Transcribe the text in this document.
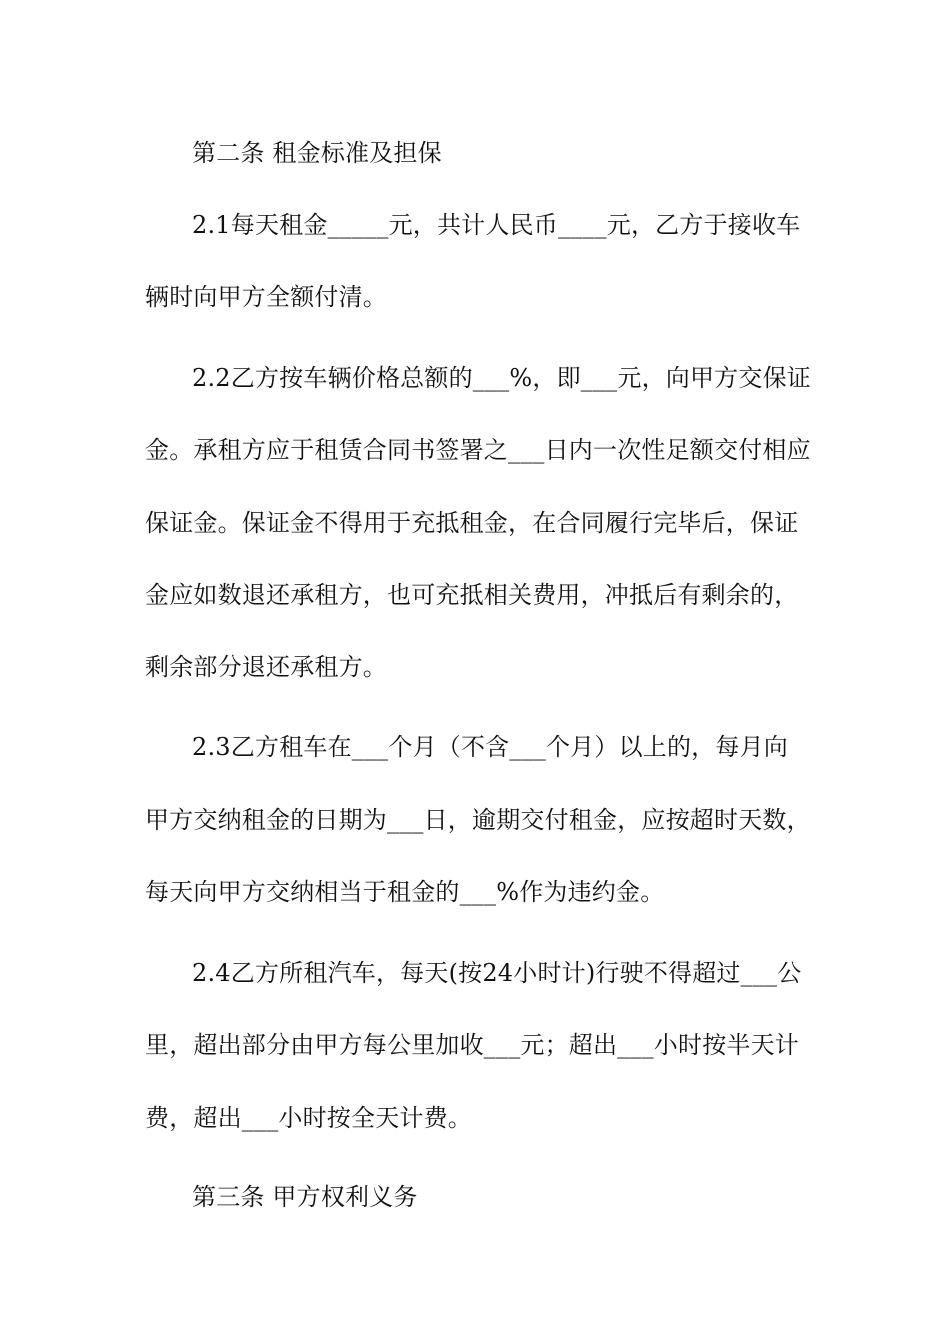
第二条 租金标准及担保
2.1每天租金_____元，共计人民币____元，乙方于接收车
辆时向甲方全额付清。
2.2乙方按车辆价格总额的___%，即___元，向甲方交保证
金。承租方应于租赁合同书签署之___日内一次性足额交付相应
保证金。保证金不得用于充抵租金，在合同履行完毕后，保证
金应如数退还承租方，也可充抵相关费用，冲抵后有剩余的，
剩余部分退还承租方。
2.3乙方租车在___个月（不含___个月）以上的，每月向
甲方交纳租金的日期为___日，逾期交付租金，应按超时天数，
每天向甲方交纳相当于租金的___%作为违约金。
2.4乙方所租汽车，每天(按24小时计)行驶不得超过___公
里，超出部分由甲方每公里加收___元；超出___小时按半天计
费，超出___小时按全天计费。
第三条 甲方权利义务
